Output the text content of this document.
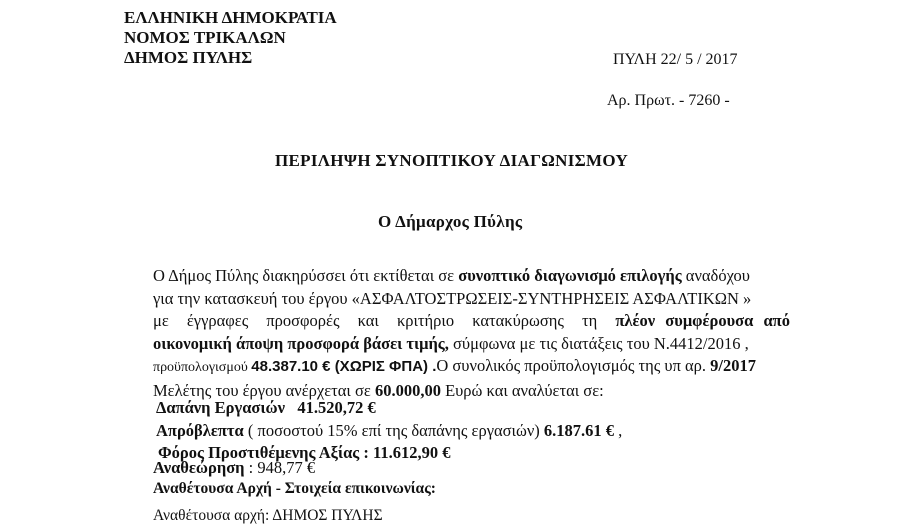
ΕΛΛΗΝΙΚΗ ΔΗΜΟΚΡΑΤΙΑ
ΝΟΜΟΣ ΤΡΙΚΑΛΩΝ
ΔΗΜΟΣ ΠΥΛΗΣ	ΠΥΛΗ 22/ 5 / 2017
Αρ. Πρωτ. - 7260 -
ΠΕΡΙΛΗΨΗ ΣΥΝΟΠΤΙΚΟΥ ΔΙΑΓΩΝΙΣΜΟΥ
Ο Δήμαρχος Πύλης
Ο Δήμος Πύλης διακηρύσσει ότι εκτίθεται σε συνοπτικό διαγωνισμό επιλογής αναδόχου
για την κατασκευή του έργου «ΑΣΦΑΛΤΟΣΤΡΩΣΕΙΣ-ΣΥΝΤΗΡΗΣΕΙΣ ΑΣΦΑΛΤΙΚΩΝ »
με έγγραφες προσφορές και κριτήριο κατακύρωσης τη πλέον συμφέρουσα από
οικονομική άποψη προσφορά βάσει τιμής, σύμφωνα με τις διατάξεις του Ν.4412/2016 ,
προϋπολογισμού 48.387.10 € (ΧΩΡΙΣ ΦΠΑ) .Ο συνολικός προϋπολογισμός της υπ αρ. 9/2017
Μελέτης του έργου ανέρχεται σε 60.000,00 Ευρώ και αναλύεται σε:
Δαπάνη Εργασιών 41.520,72 €
Απρόβλεπτα ( ποσοστού 15% επί της δαπάνης εργασιών) 6.187.61 € ,
Φόρος Προστιθέμενης Αξίας : 11.612,90 €
Αναθεώρηση : 948,77 €
Αναθέτουσα Αρχή - Στοιχεία επικοινωνίας:
Αναθέτουσα αρχή: ΔΗΜΟΣ ΠΥΛΗΣ
